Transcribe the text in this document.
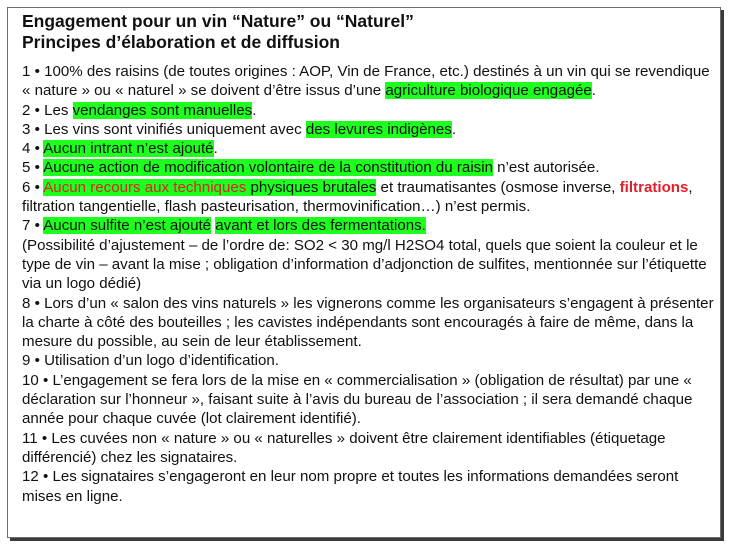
Engagement pour un vin “Nature” ou “Naturel”
Principes d’élaboration et de diffusion

1 • 100% des raisins (de toutes origines : AOP, Vin de France, etc.) destinés à un vin qui se revendique « nature » ou « naturel » se doivent d’être issus d’une agriculture biologique engagée.

2 • Les vendanges sont manuelles.

3 • Les vins sont vinifiés uniquement avec des levures indigènes.

4 • Aucun intrant n’est ajouté.

5 • Aucune action de modification volontaire de la constitution du raisin n’est autorisée.

6 • Aucun recours aux techniques physiques brutales et traumatisantes (osmose inverse, filtrations, filtration tangentielle, flash pasteurisation, thermovinification…) n’est permis.

7 • Aucun sulfite n’est ajouté avant et lors des fermentations.
(Possibilité d’ajustement – de l’ordre de: SO2 < 30 mg/l H2SO4 total, quels que soient la couleur et le type de vin – avant la mise ; obligation d’information d’adjonction de sulfites, mentionnée sur l’étiquette via un logo dédié)

8 • Lors d’un « salon des vins naturels » les vignerons comme les organisateurs s’engagent à présenter la charte à côté des bouteilles ; les cavistes indépendants sont encouragés à faire de même, dans la mesure du possible, au sein de leur établissement.

9 • Utilisation d’un logo d’identification.

10 • L’engagement se fera lors de la mise en « commercialisation » (obligation de résultat) par une « déclaration sur l’honneur », faisant suite à l’avis du bureau de l’association ; il sera demandé chaque année pour chaque cuvée (lot clairement identifié).

11 • Les cuvées non « nature » ou « naturelles » doivent être clairement identifiables (étiquetage différencié) chez les signataires.

12 • Les signataires s’engageront en leur nom propre et toutes les informations demandées seront mises en ligne.
